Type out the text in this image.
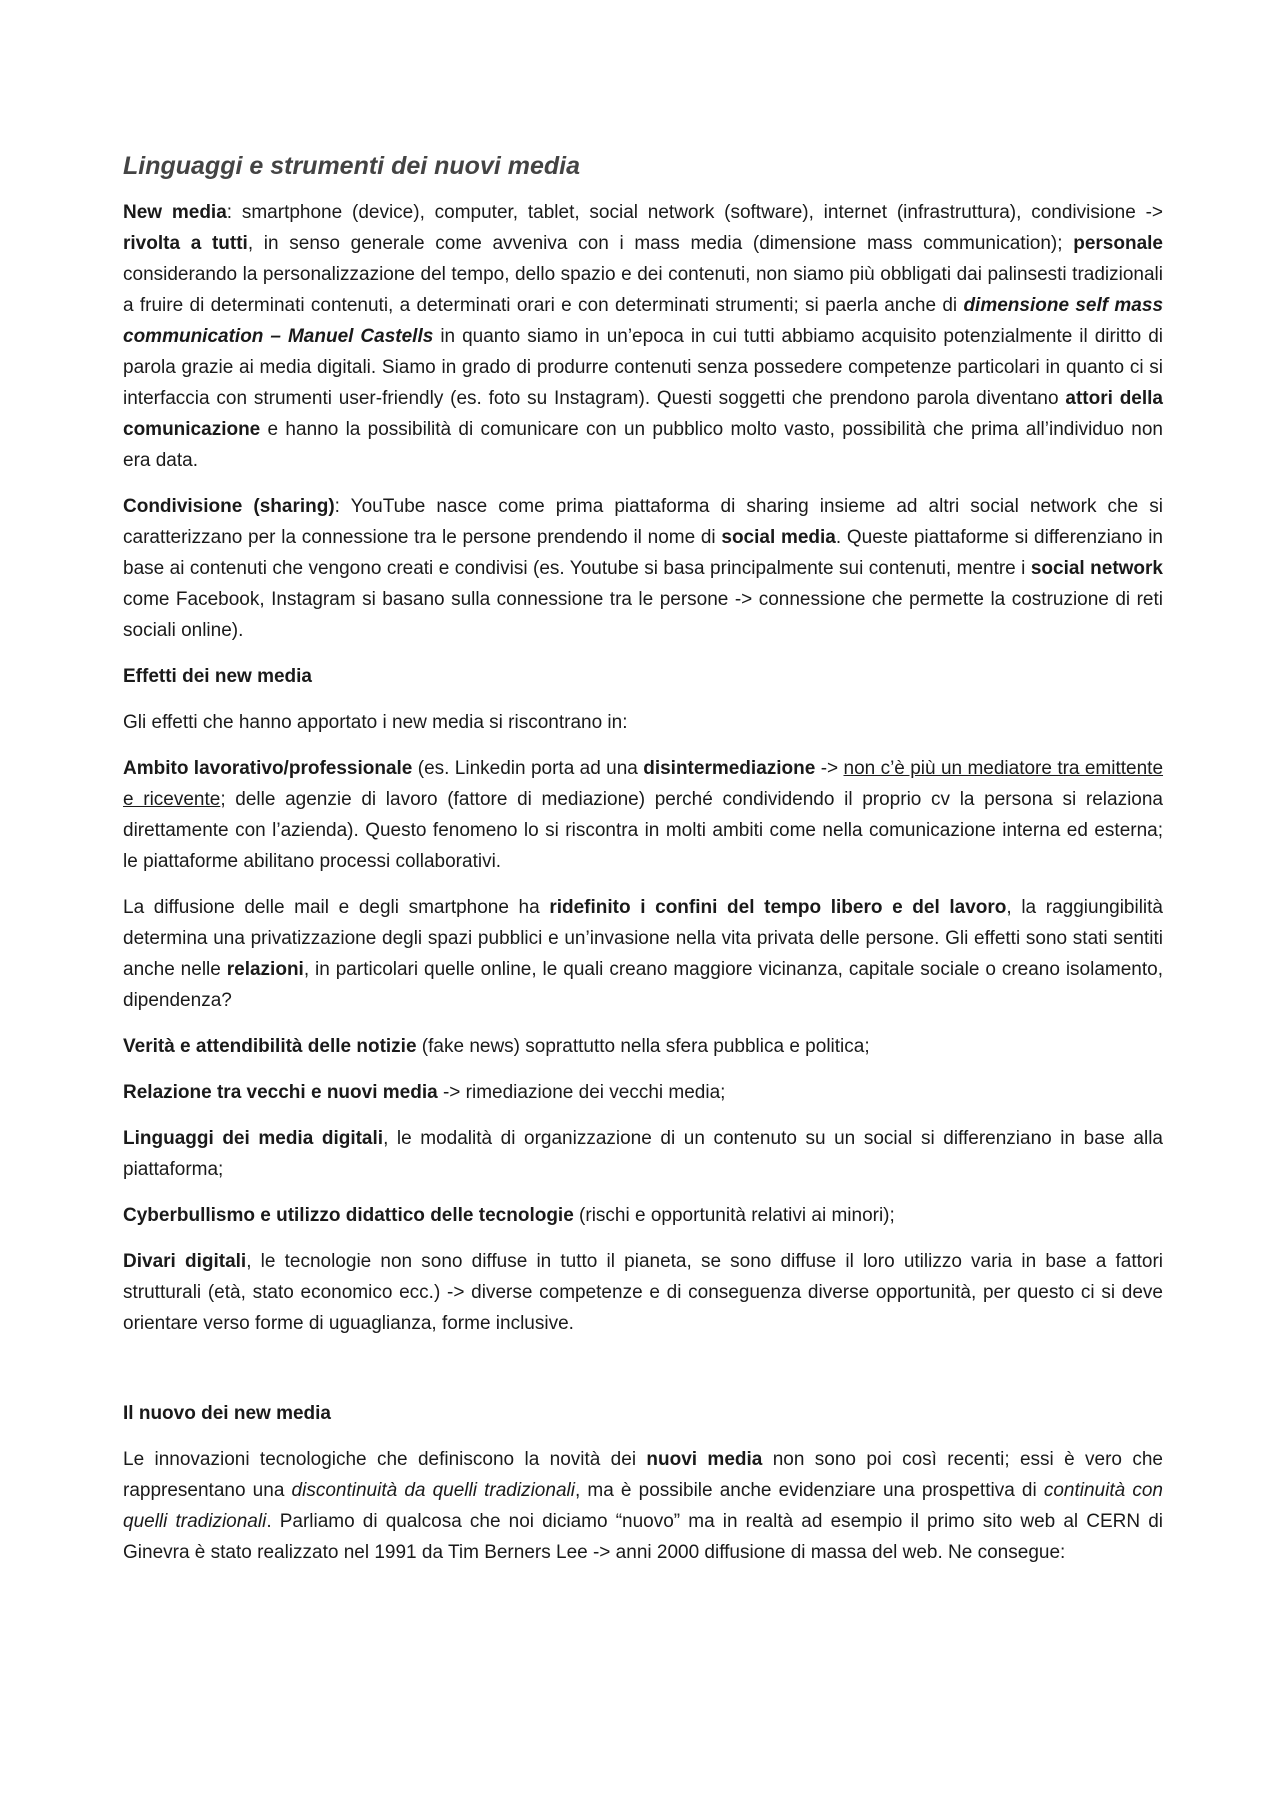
Linguaggi e strumenti dei nuovi media

New media: smartphone (device), computer, tablet, social network (software), internet (infrastruttura), condivisione -> rivolta a tutti, in senso generale come avveniva con i mass media (dimensione mass communication); personale considerando la personalizzazione del tempo, dello spazio e dei contenuti, non siamo più obbligati dai palinsesti tradizionali a fruire di determinati contenuti, a determinati orari e con determinati strumenti; si paerla anche di dimensione self mass communication – Manuel Castells in quanto siamo in un’epoca in cui tutti abbiamo acquisito potenzialmente il diritto di parola grazie ai media digitali. Siamo in grado di produrre contenuti senza possedere competenze particolari in quanto ci si interfaccia con strumenti user-friendly (es. foto su Instagram). Questi soggetti che prendono parola diventano attori della comunicazione e hanno la possibilità di comunicare con un pubblico molto vasto, possibilità che prima all’individuo non era data.

Condivisione (sharing): YouTube nasce come prima piattaforma di sharing insieme ad altri social network che si caratterizzano per la connessione tra le persone prendendo il nome di social media. Queste piattaforme si differenziano in base ai contenuti che vengono creati e condivisi (es. Youtube si basa principalmente sui contenuti, mentre i social network come Facebook, Instagram si basano sulla connessione tra le persone -> connessione che permette la costruzione di reti sociali online).

Effetti dei new media

Gli effetti che hanno apportato i new media si riscontrano in:

Ambito lavorativo/professionale (es. Linkedin porta ad una disintermediazione -> non c’è più un mediatore tra emittente e ricevente; delle agenzie di lavoro (fattore di mediazione) perché condividendo il proprio cv la persona si relaziona direttamente con l’azienda). Questo fenomeno lo si riscontra in molti ambiti come nella comunicazione interna ed esterna; le piattaforme abilitano processi collaborativi.

La diffusione delle mail e degli smartphone ha ridefinito i confini del tempo libero e del lavoro, la raggiungibilità determina una privatizzazione degli spazi pubblici e un’invasione nella vita privata delle persone. Gli effetti sono stati sentiti anche nelle relazioni, in particolari quelle online, le quali creano maggiore vicinanza, capitale sociale o creano isolamento, dipendenza?

Verità e attendibilità delle notizie (fake news) soprattutto nella sfera pubblica e politica;

Relazione tra vecchi e nuovi media -> rimediazione dei vecchi media;

Linguaggi dei media digitali, le modalità di organizzazione di un contenuto su un social si differenziano in base alla piattaforma;

Cyberbullismo e utilizzo didattico delle tecnologie (rischi e opportunità relativi ai minori);

Divari digitali, le tecnologie non sono diffuse in tutto il pianeta, se sono diffuse il loro utilizzo varia in base a fattori strutturali (età, stato economico ecc.) -> diverse competenze e di conseguenza diverse opportunità, per questo ci si deve orientare verso forme di uguaglianza, forme inclusive.

Il nuovo dei new media

Le innovazioni tecnologiche che definiscono la novità dei nuovi media non sono poi così recenti; essi è vero che rappresentano una discontinuità da quelli tradizionali, ma è possibile anche evidenziare una prospettiva di continuità con quelli tradizionali. Parliamo di qualcosa che noi diciamo “nuovo” ma in realtà ad esempio il primo sito web al CERN di Ginevra è stato realizzato nel 1991 da Tim Berners Lee -> anni 2000 diffusione di massa del web. Ne consegue:
